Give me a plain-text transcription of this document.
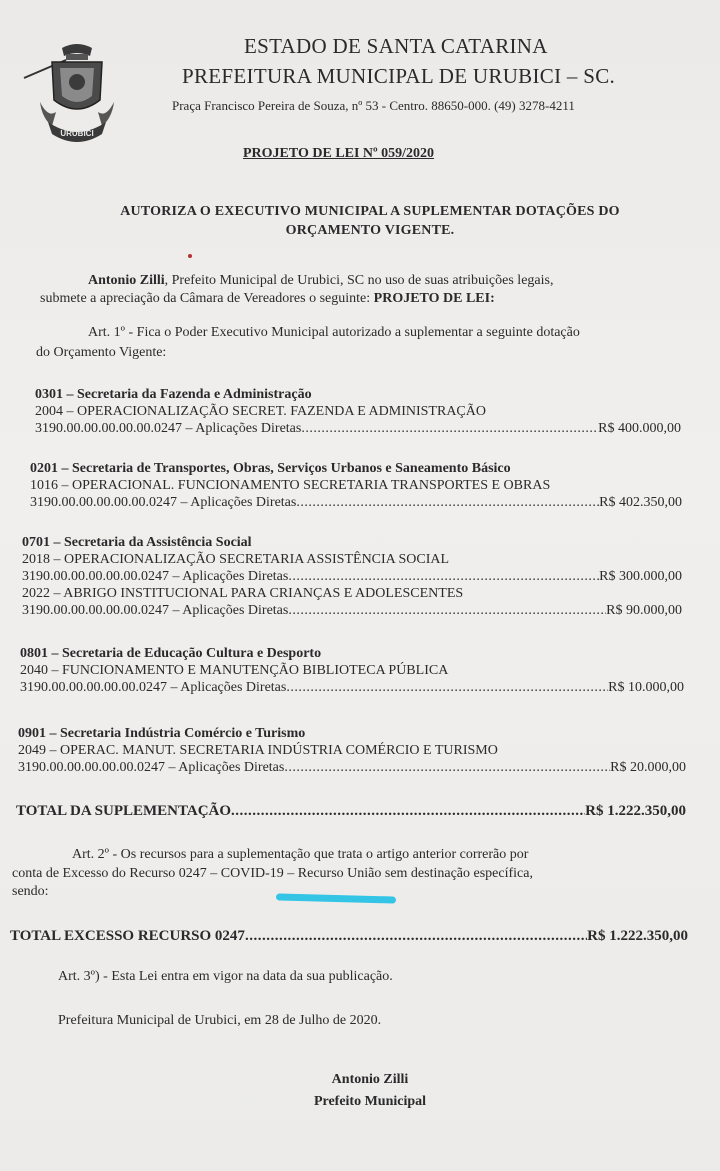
URUBICI
ESTADO DE SANTA CATARINA
PREFEITURA MUNICIPAL DE URUBICI – SC.
Praça Francisco Pereira de Souza, nº 53 - Centro. 88650-000. (49) 3278-4211
PROJETO DE LEI Nº 059/2020
AUTORIZA O EXECUTIVO MUNICIPAL A SUPLEMENTAR DOTAÇÕES DO
ORÇAMENTO VIGENTE.
Antonio Zilli, Prefeito Municipal de Urubici, SC no uso de suas atribuições legais,
submete a apreciação da Câmara de Vereadores o seguinte: PROJETO DE LEI:
Art. 1º - Fica o Poder Executivo Municipal autorizado a suplementar a seguinte dotação
do Orçamento Vigente:
0301 – Secretaria da Fazenda e Administração
2004 – OPERACIONALIZAÇÃO SECRET. FAZENDA E ADMINISTRAÇÃO
3190.00.00.00.00.00.0247 – Aplicações Diretas .....	R$ 400.000,00
0201 – Secretaria de Transportes, Obras, Serviços Urbanos e Saneamento Básico
1016 – OPERACIONAL. FUNCIONAMENTO SECRETARIA TRANSPORTES E OBRAS
3190.00.00.00.00.00.0247 – Aplicações Diretas .....	R$ 402.350,00
0701 – Secretaria da Assistência Social
2018 – OPERACIONALIZAÇÃO SECRETARIA ASSISTÊNCIA SOCIAL
3190.00.00.00.00.00.0247 – Aplicações Diretas .....	R$ 300.000,00
2022 – ABRIGO INSTITUCIONAL PARA CRIANÇAS E ADOLESCENTES
3190.00.00.00.00.00.0247 – Aplicações Diretas .....	R$ 90.000,00
0801 – Secretaria de Educação Cultura e Desporto
2040 – FUNCIONAMENTO E MANUTENÇÃO BIBLIOTECA PÚBLICA
3190.00.00.00.00.00.0247 – Aplicações Diretas .....	R$ 10.000,00
0901 – Secretaria Indústria Comércio e Turismo
2049 – OPERAC. MANUT. SECRETARIA INDÚSTRIA COMÉRCIO E TURISMO
3190.00.00.00.00.00.0247 – Aplicações Diretas .....	R$ 20.000,00
TOTAL DA SUPLEMENTAÇÃO .....	R$ 1.222.350,00
Art. 2º - Os recursos para a suplementação que trata o artigo anterior correrão por
conta de Excesso do Recurso 0247 – COVID-19 – Recurso União sem destinação específica,
sendo:
TOTAL EXCESSO RECURSO 0247 .....	R$ 1.222.350,00
Art. 3º) - Esta Lei entra em vigor na data da sua publicação.
Prefeitura Municipal de Urubici, em 28 de Julho de 2020.
Antonio Zilli
Prefeito Municipal
